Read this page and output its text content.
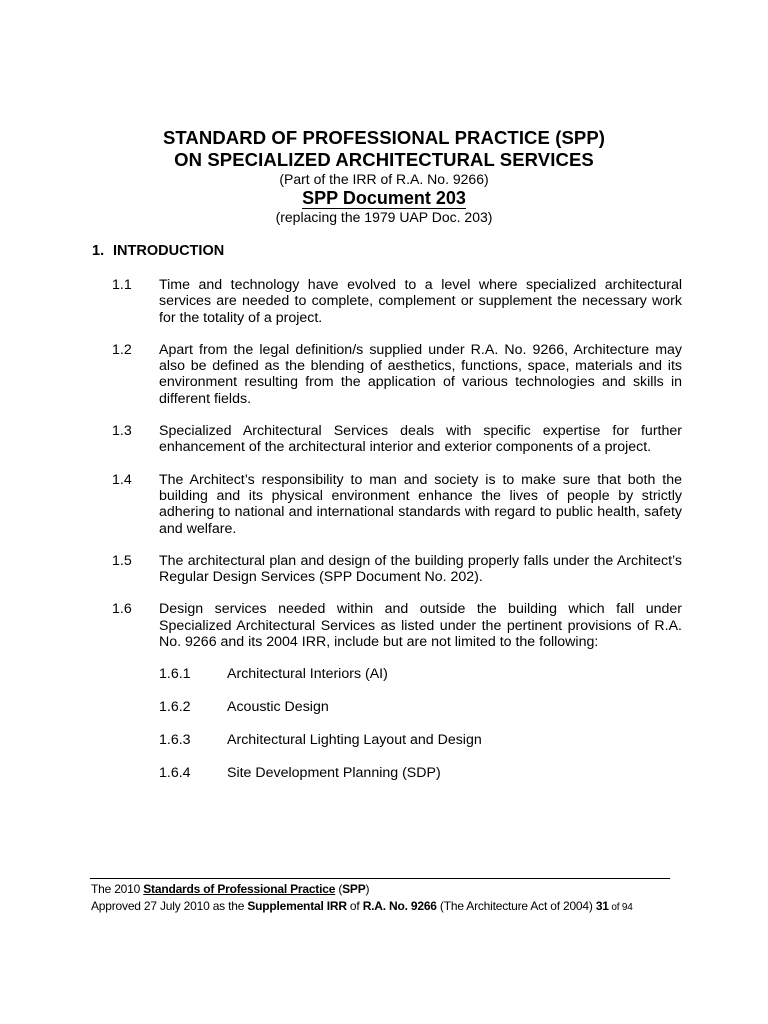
STANDARD OF PROFESSIONAL PRACTICE (SPP)
ON SPECIALIZED ARCHITECTURAL SERVICES
(Part of the IRR of R.A. No. 9266)
SPP Document 203
(replacing the 1979 UAP Doc. 203)
1. INTRODUCTION
1.1	Time and technology have evolved to a level where specialized architectural services are needed to complete, complement or supplement the necessary work for the totality of a project.
1.2	Apart from the legal definition/s supplied under R.A. No. 9266, Architecture may also be defined as the blending of aesthetics, functions, space, materials and its environment resulting from the application of various technologies and skills in different fields.
1.3	Specialized Architectural Services deals with specific expertise for further enhancement of the architectural interior and exterior components of a project.
1.4	The Architect’s responsibility to man and society is to make sure that both the building and its physical environment enhance the lives of people by strictly adhering to national and international standards with regard to public health, safety and welfare.
1.5	The architectural plan and design of the building properly falls under the Architect’s Regular Design Services (SPP Document No. 202).
1.6	Design services needed within and outside the building which fall under Specialized Architectural Services as listed under the pertinent provisions of R.A. No. 9266 and its 2004 IRR, include but are not limited to the following:
1.6.1	Architectural Interiors (AI)
1.6.2	Acoustic Design
1.6.3	Architectural Lighting Layout and Design
1.6.4	Site Development Planning (SDP)
The 2010 Standards of Professional Practice (SPP)
Approved 27 July 2010 as the Supplemental IRR of R.A. No. 9266 (The Architecture Act of 2004) 31 of 94
